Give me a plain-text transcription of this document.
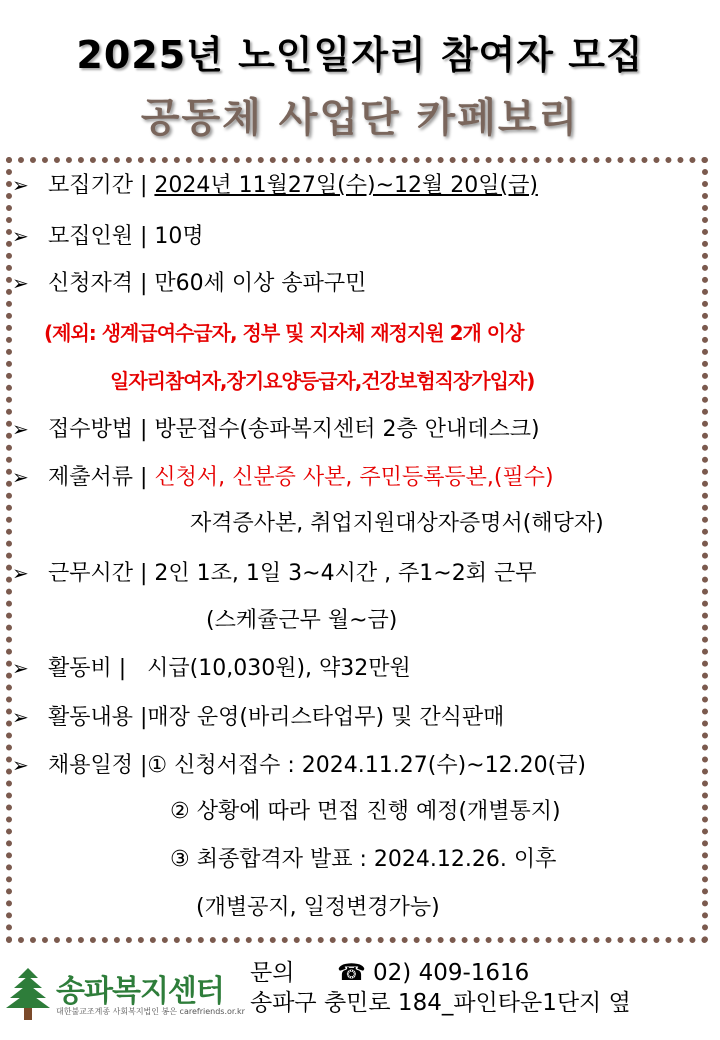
2025년 노인일자리 참여자 모집
공동체 사업단 카페보리
➢ 모집기간 | 2024년 11월27일(수)~12월 20일(금)
➢ 모집인원 | 10명
➢ 신청자격 | 만60세 이상 송파구민
(제외: 생계급여수급자, 정부 및 지자체 재정지원 2개 이상
일자리참여자,장기요양등급자,건강보험직장가입자)
➢ 접수방법 | 방문접수(송파복지센터 2층 안내데스크)
➢ 제출서류 | 신청서, 신분증 사본, 주민등록등본,(필수)
자격증사본, 취업지원대상자증명서(해당자)
➢ 근무시간 | 2인 1조, 1일 3~4시간 , 주1~2회 근무
(스케쥴근무 월~금)
➢ 활동비 |   시급(10,030원), 약32만원
➢ 활동내용 |매장 운영(바리스타업무) 및 간식판매
➢ 채용일정 |① 신청서접수 : 2024.11.27(수)~12.20(금)
② 상황에 따라 면접 진행 예정(개별통지)
③ 최종합격자 발표 : 2024.12.26. 이후
(개별공지, 일정변경가능)
송파복지센터
대한불교조계종 사회복지법인 봉은 carefriends.or.kr
문의 ☎ 02) 409-1616
송파구 충민로 184_파인타운1단지 옆
